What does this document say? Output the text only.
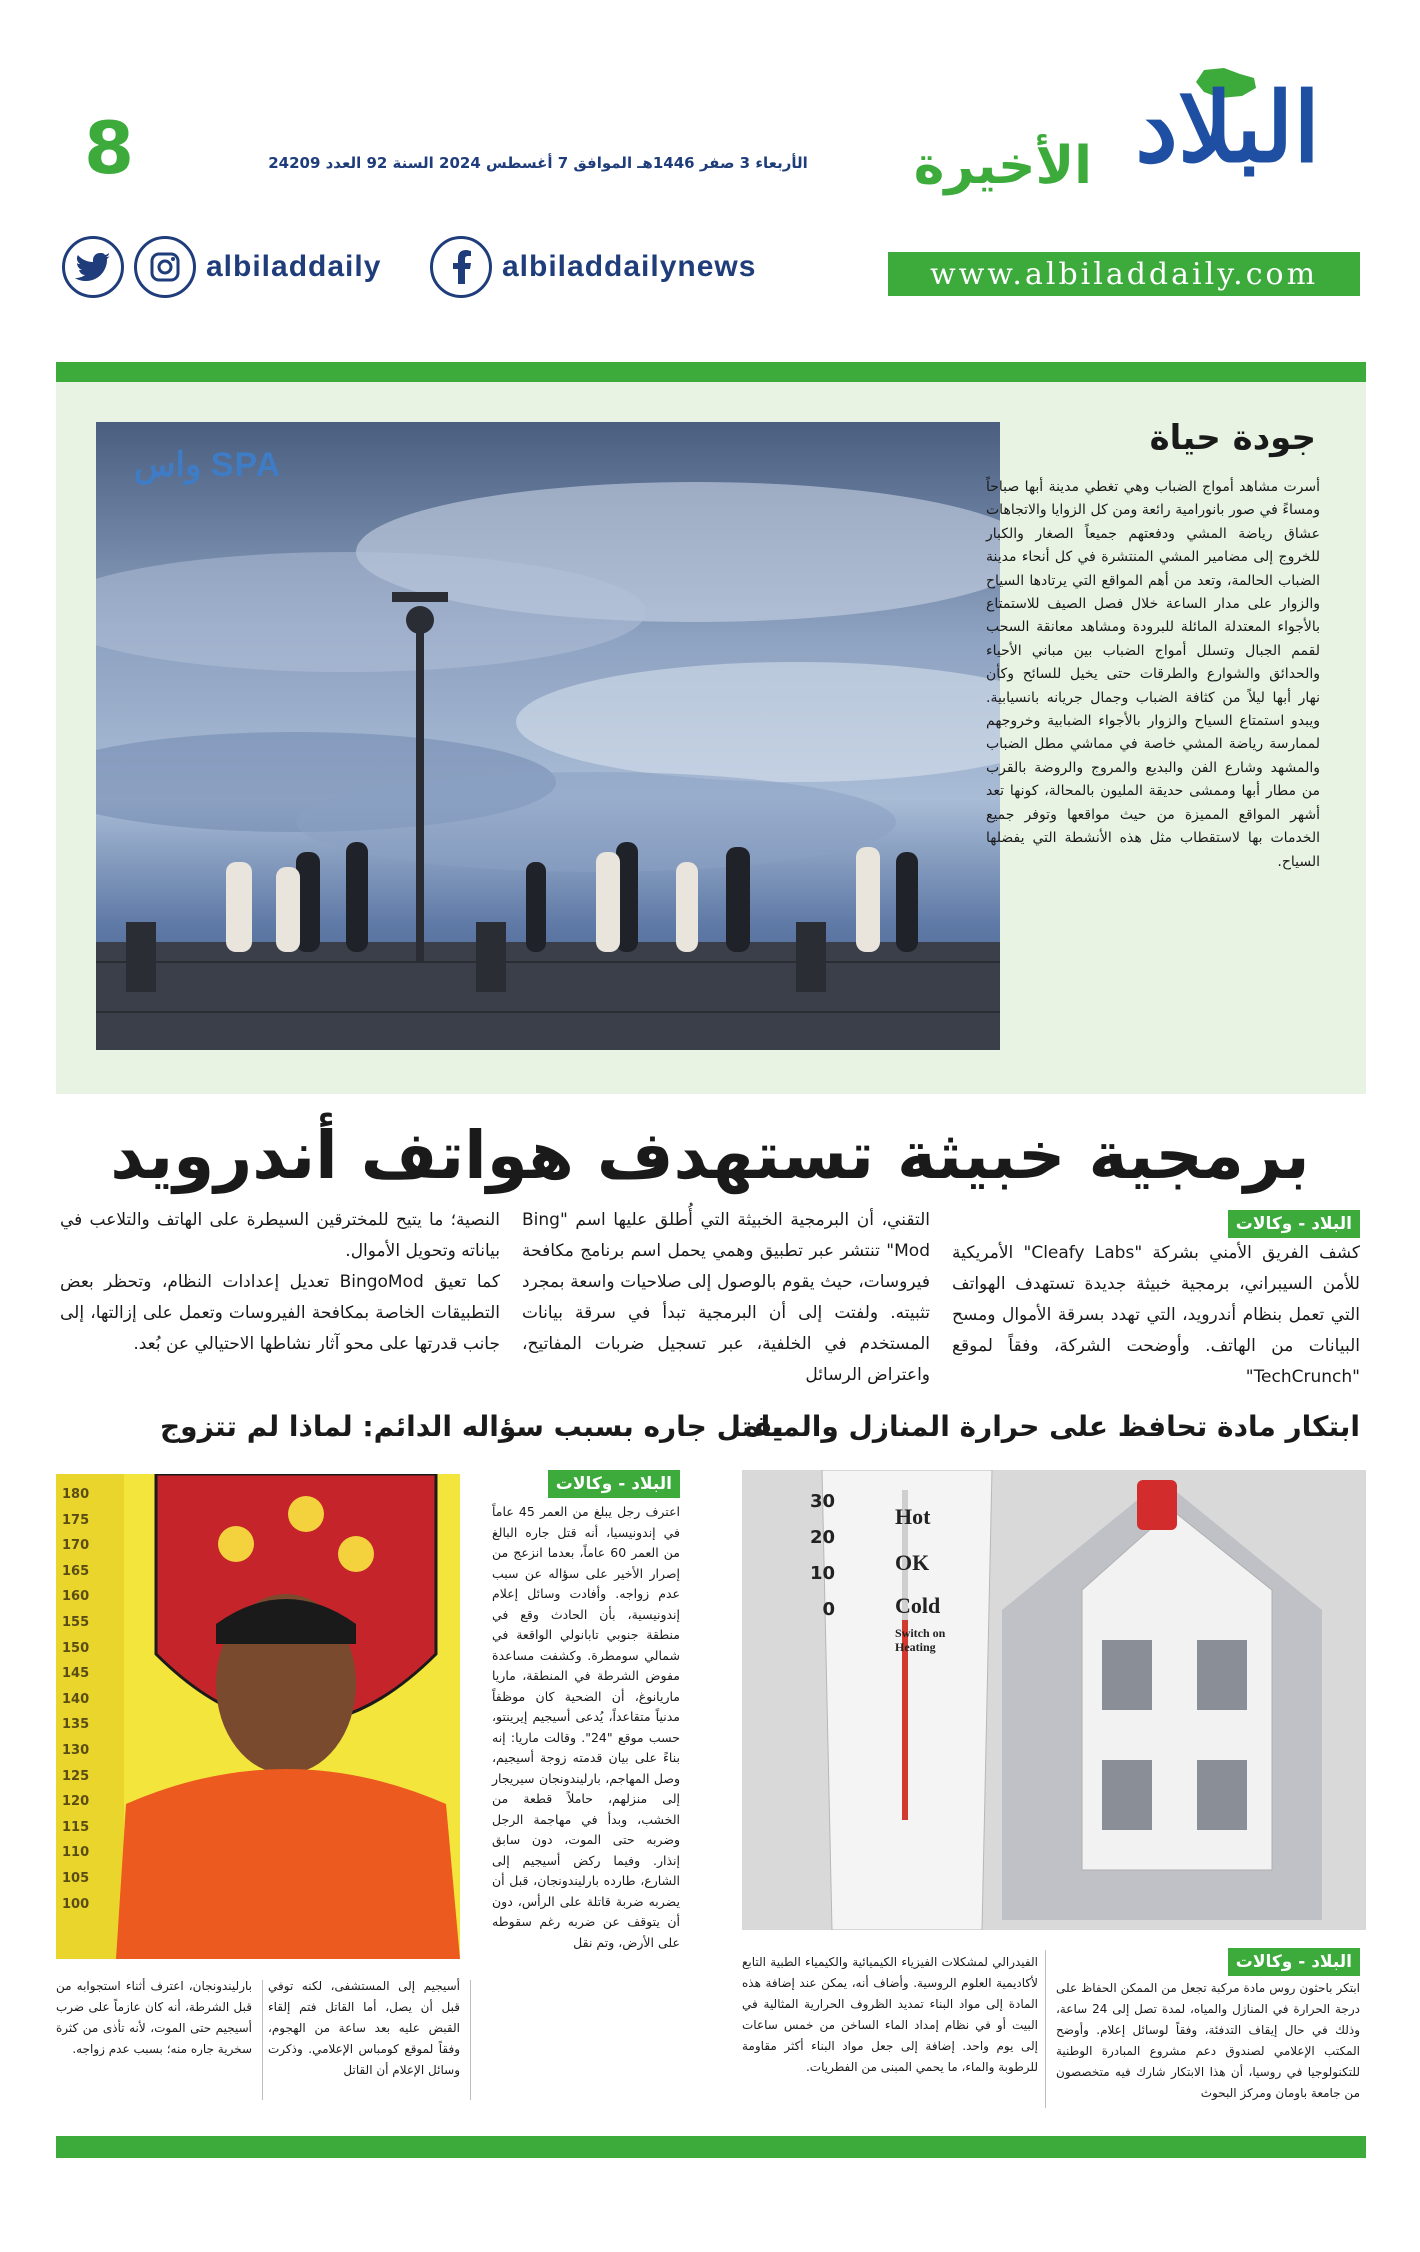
البلاد
الأخيرة
8	الأربعاء 3 صفر 1446هـ الموافق 7 أغسطس 2024 السنة 92 العدد 24209
www.albiladdaily.com
albiladdailynews
albiladdaily
واس SPA
جودة حياة
أسرت مشاهد أمواج الضباب وهي تغطي مدينة أبها صباحاً ومساءً في صور بانورامية رائعة ومن كل الزوايا والاتجاهات عشاق رياضة المشي ودفعتهم جميعاً الصغار والكبار للخروج إلى مضامير المشي المنتشرة في كل أنحاء مدينة الضباب الحالمة، وتعد من أهم المواقع التي يرتادها السياح والزوار على مدار الساعة خلال فصل الصيف للاستمتاع بالأجواء المعتدلة المائلة للبرودة ومشاهد معانقة السحب لقمم الجبال وتسلل أمواج الضباب بين مباني الأحياء والحدائق والشوارع والطرقات حتى يخيل للسائح وكأن نهار أبها ليلاً من كثافة الضباب وجمال جريانه بانسيابية. ويبدو استمتاع السياح والزوار بالأجواء الضبابية وخروجهم لممارسة رياضة المشي خاصة في مماشي مطل الضباب والمشهد وشارع الفن والبديع والمروج والروضة بالقرب من مطار أبها وممشى حديقة المليون بالمحالة، كونها تعد أشهر المواقع المميزة من حيث مواقعها وتوفر جميع الخدمات بها لاستقطاب مثل هذه الأنشطة التي يفضلها السياح.
برمجية خبيثة تستهدف هواتف أندرويد
البلاد - وكالات
كشف الفريق الأمني بشركة "Cleafy Labs" الأمريكية للأمن السيبراني، برمجية خبيثة جديدة تستهدف الهواتف التي تعمل بنظام أندرويد، التي تهدد بسرقة الأموال ومسح البيانات من الهاتف. وأوضحت الشركة، وفقاً لموقع "TechCrunch"
التقني، أن البرمجية الخبيثة التي أُطلق عليها اسم "Bing Mod" تنتشر عبر تطبيق وهمي يحمل اسم برنامج مكافحة فيروسات، حيث يقوم بالوصول إلى صلاحيات واسعة بمجرد تثبيته. ولفتت إلى أن البرمجية تبدأ في سرقة بيانات المستخدم في الخلفية، عبر تسجيل ضربات المفاتيح، واعتراض الرسائل
النصية؛ ما يتيح للمخترقين السيطرة على الهاتف والتلاعب في بياناته وتحويل الأموال.
كما تعيق BingoMod تعديل إعدادات النظام، وتحظر بعض التطبيقات الخاصة بمكافحة الفيروسات وتعمل على إزالتها، إلى جانب قدرتها على محو آثار نشاطها الاحتيالي عن بُعد.
ابتكار مادة تحافظ على حرارة المنازل والمياه
30
20
10
0
Hot
OK
Cold
Switch on Heating
البلاد - وكالات
ابتكر باحثون روس مادة مركبة تجعل من الممكن الحفاظ على درجة الحرارة في المنازل والمياه، لمدة تصل إلى 24 ساعة، وذلك في حال إيقاف التدفئة، وفقاً لوسائل إعلام. وأوضح المكتب الإعلامي لصندوق دعم مشروع المبادرة الوطنية للتكنولوجيا في روسيا، أن هذا الابتكار شارك فيه متخصصون من جامعة باومان ومركز البحوث
الفيدرالي لمشكلات الفيزياء الكيميائية والكيمياء الطبية التابع لأكاديمية العلوم الروسية. وأضاف أنه، يمكن عند إضافة هذه المادة إلى مواد البناء تمديد الظروف الحرارية المثالية في البيت أو في نظام إمداد الماء الساخن من خمس ساعات إلى يوم واحد. إضافة إلى جعل مواد البناء أكثر مقاومة للرطوبة والماء، ما يحمي المبنى من الفطريات.
يقتل جاره بسبب سؤاله الدائم: لماذا لم تتزوج
180
175
170
165
160
155
150
145
140
135
130
125
120
115
110
105
100
البلاد - وكالات
اعترف رجل يبلغ من العمر 45 عاماً في إندونيسيا، أنه قتل جاره البالغ من العمر 60 عاماً، بعدما انزعج من إصرار الأخير على سؤاله عن سبب عدم زواجه. وأفادت وسائل إعلام إندونيسية، بأن الحادث وقع في منطقة جنوبي تابانولي الواقعة في شمالي سومطرة. وكشفت مساعدة مفوض الشرطة في المنطقة، ماريا ماريانوغ، أن الضحية كان موظفاً مدنياً متقاعداً، يُدعى أسيجيم إيرينتو، حسب موقع "24". وقالت ماريا: إنه بناءً على بيان قدمته زوجة أسيجيم، وصل المهاجم، بارليندونجان سيريجار إلى منزلهم، حاملاً قطعة من الخشب، وبدأ في مهاجمة الرجل وضربه حتى الموت، دون سابق إنذار. وفيما ركض أسيجيم إلى الشارع، طارده بارليندونجان، قبل أن يضربه ضربة قاتلة على الرأس، دون أن يتوقف عن ضربه رغم سقوطه على الأرض، وتم نقل
أسيجيم إلى المستشفى، لكنه توفي قبل أن يصل، أما القاتل فتم إلقاء القبض عليه بعد ساعة من الهجوم، وفقاً لموقع كومباس الإعلامي. وذكرت وسائل الإعلام أن القاتل
بارليندونجان، اعترف أثناء استجوابه من قبل الشرطة، أنه كان عازماً على ضرب أسيجيم حتى الموت، لأنه تأذى من كثرة سخرية جاره منه؛ بسبب عدم زواجه.
